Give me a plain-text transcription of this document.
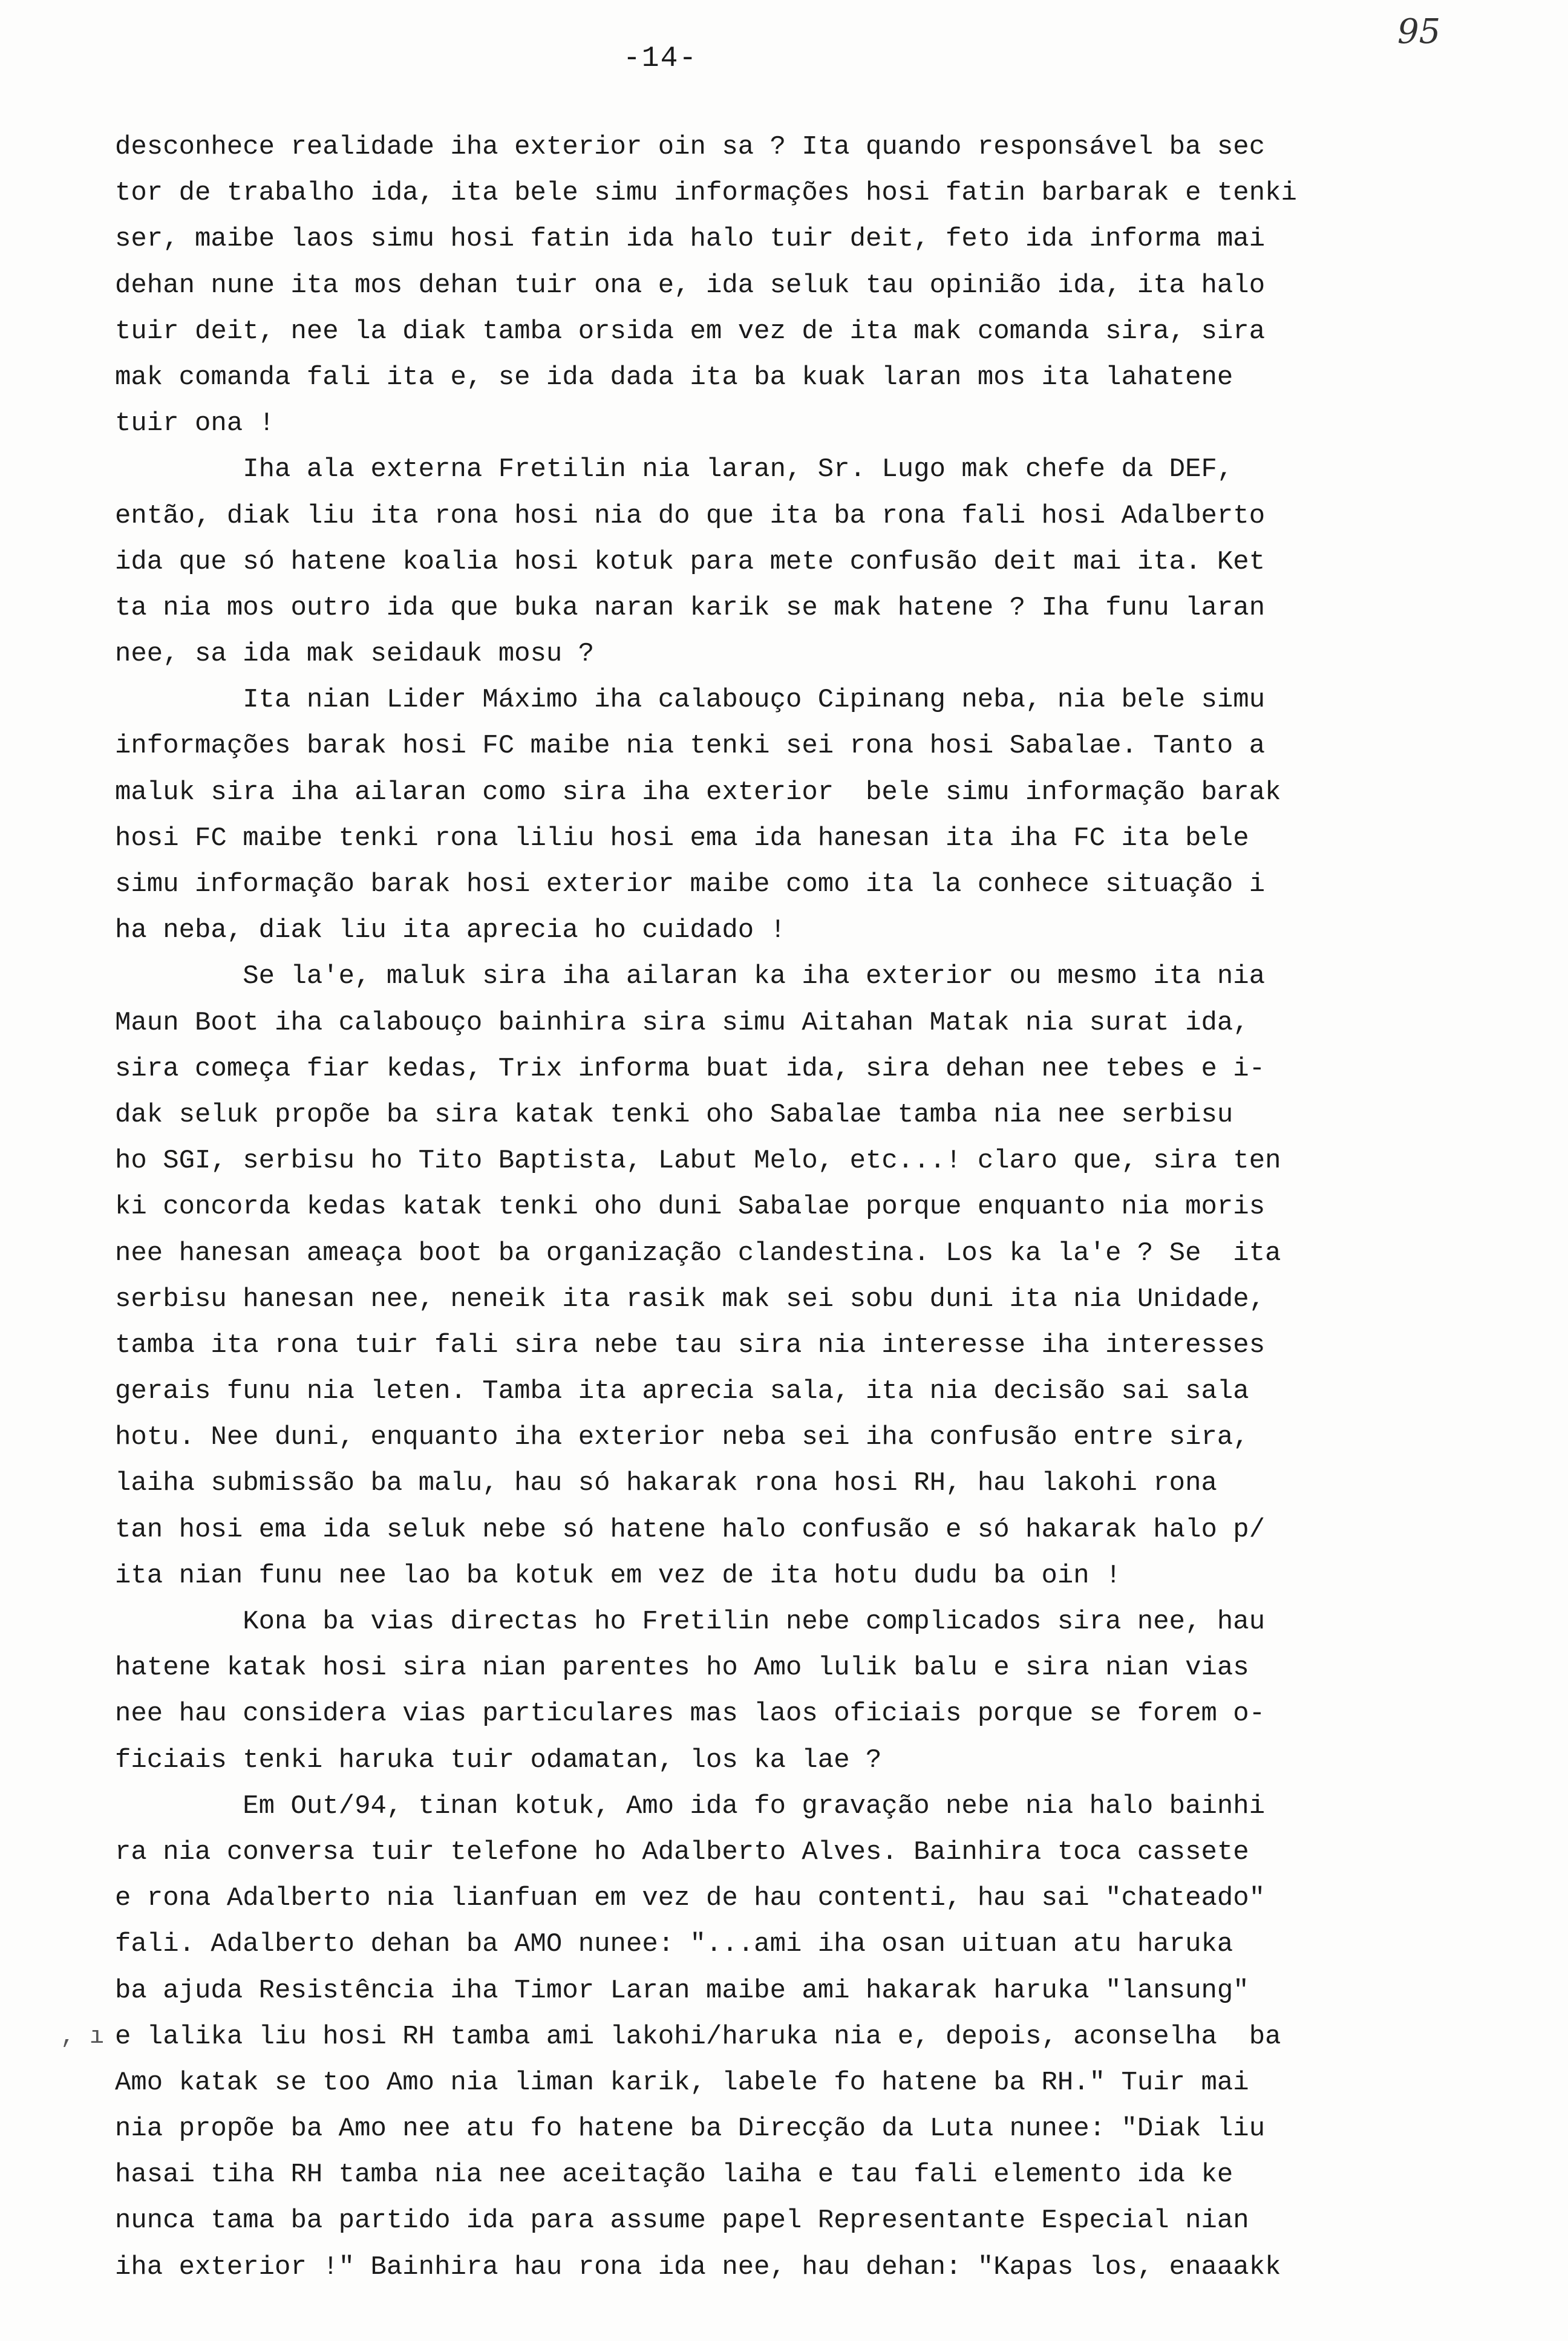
-14-
95
desconhece realidade iha exterior oin sa ? Ita quando responsável ba sec
tor de trabalho ida, ita bele simu informações hosi fatin barbarak e tenki
ser, maibe laos simu hosi fatin ida halo tuir deit, feto ida informa mai
dehan nune ita mos dehan tuir ona e, ida seluk tau opinião ida, ita halo
tuir deit, nee la diak tamba orsida em vez de ita mak comanda sira, sira
mak comanda fali ita e, se ida dada ita ba kuak laran mos ita lahatene
tuir ona !
Iha ala externa Fretilin nia laran, Sr. Lugo mak chefe da DEF,
então, diak liu ita rona hosi nia do que ita ba rona fali hosi Adalberto
ida que só hatene koalia hosi kotuk para mete confusão deit mai ita. Ket
ta nia mos outro ida que buka naran karik se mak hatene ? Iha funu laran
nee, sa ida mak seidauk mosu ?
Ita nian Lider Máximo iha calabouço Cipinang neba, nia bele simu
informações barak hosi FC maibe nia tenki sei rona hosi Sabalae. Tanto a
maluk sira iha ailaran como sira iha exterior  bele simu informação barak
hosi FC maibe tenki rona liliu hosi ema ida hanesan ita iha FC ita bele
simu informação barak hosi exterior maibe como ita la conhece situação i
ha neba, diak liu ita aprecia ho cuidado !
Se la'e, maluk sira iha ailaran ka iha exterior ou mesmo ita nia
Maun Boot iha calabouço bainhira sira simu Aitahan Matak nia surat ida,
sira começa fiar kedas, Trix informa buat ida, sira dehan nee tebes e i-
dak seluk propõe ba sira katak tenki oho Sabalae tamba nia nee serbisu
ho SGI, serbisu ho Tito Baptista, Labut Melo, etc...! claro que, sira ten
ki concorda kedas katak tenki oho duni Sabalae porque enquanto nia moris
nee hanesan ameaça boot ba organização clandestina. Los ka la'e ? Se  ita
serbisu hanesan nee, neneik ita rasik mak sei sobu duni ita nia Unidade,
tamba ita rona tuir fali sira nebe tau sira nia interesse iha interesses
gerais funu nia leten. Tamba ita aprecia sala, ita nia decisão sai sala
hotu. Nee duni, enquanto iha exterior neba sei iha confusão entre sira,
laiha submissão ba malu, hau só hakarak rona hosi RH, hau lakohi rona
tan hosi ema ida seluk nebe só hatene halo confusão e só hakarak halo p/
ita nian funu nee lao ba kotuk em vez de ita hotu dudu ba oin !
Kona ba vias directas ho Fretilin nebe complicados sira nee, hau
hatene katak hosi sira nian parentes ho Amo lulik balu e sira nian vias
nee hau considera vias particulares mas laos oficiais porque se forem o-
ficiais tenki haruka tuir odamatan, los ka lae ?
Em Out/94, tinan kotuk, Amo ida fo gravação nebe nia halo bainhi
ra nia conversa tuir telefone ho Adalberto Alves. Bainhira toca cassete
e rona Adalberto nia lianfuan em vez de hau contenti, hau sai "chateado"
fali. Adalberto dehan ba AMO nunee: "...ami iha osan uituan atu haruka
ba ajuda Resistência iha Timor Laran maibe ami hakarak haruka "lansung"
e lalika liu hosi RH tamba ami lakohi/haruka nia e, depois, aconselha  ba
Amo katak se too Amo nia liman karik, labele fo hatene ba RH." Tuir mai
nia propõe ba Amo nee atu fo hatene ba Direcção da Luta nunee: "Diak liu
hasai tiha RH tamba nia nee aceitação laiha e tau fali elemento ida ke
nunca tama ba partido ida para assume papel Representante Especial nian
iha exterior !" Bainhira hau rona ida nee, hau dehan: "Kapas los, enaaakk
, ı
